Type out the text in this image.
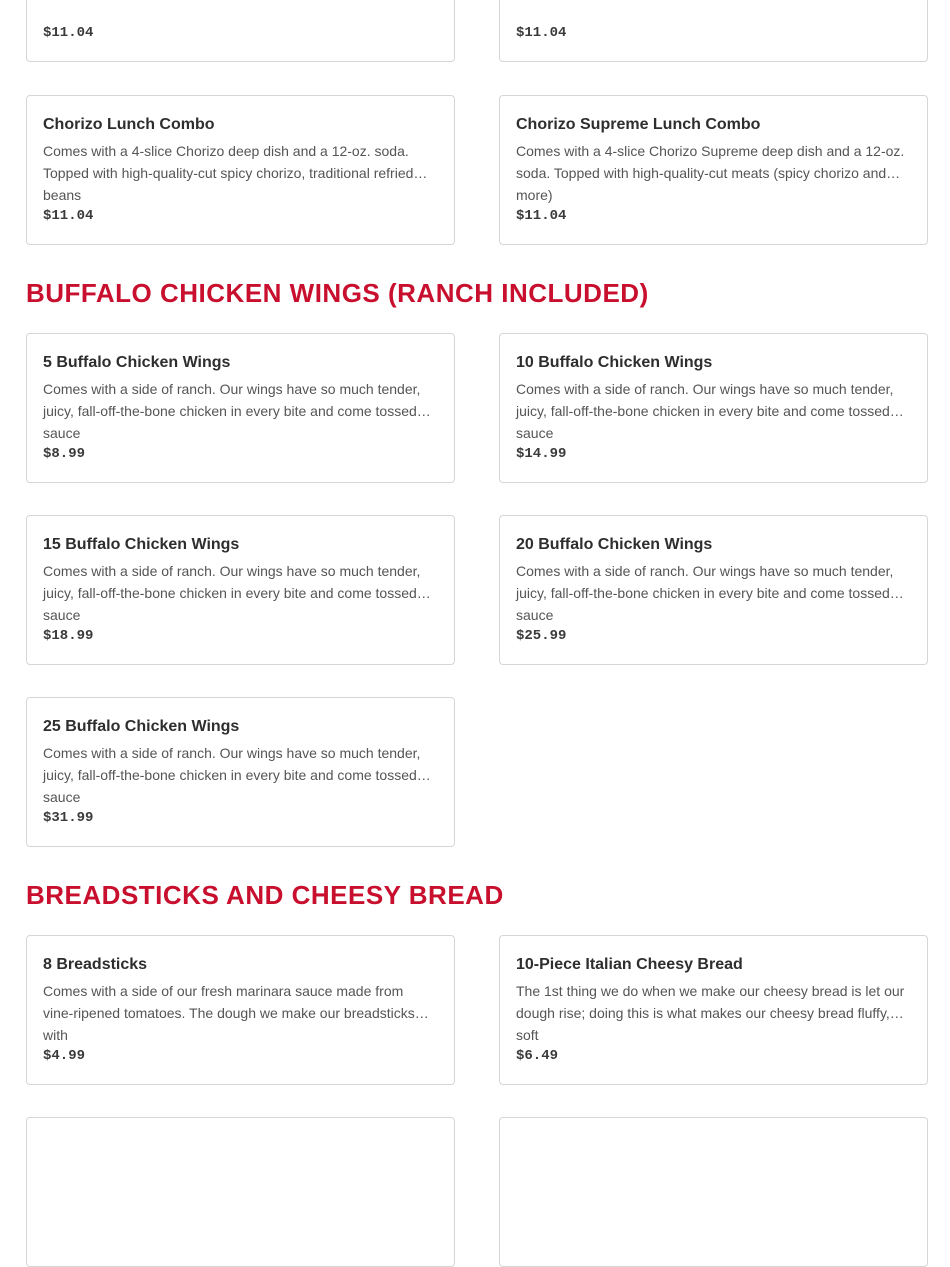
$11.04	$11.04
Chorizo Lunch Combo
Comes with a 4-slice Chorizo deep dish and a 12-oz. soda. Topped with high-quality-cut spicy chorizo, traditional refried beans
$11.04
Chorizo Supreme Lunch Combo
Comes with a 4-slice Chorizo Supreme deep dish and a 12-oz. soda. Topped with high-quality-cut meats (spicy chorizo and more)
$11.04
BUFFALO CHICKEN WINGS (RANCH INCLUDED)
5 Buffalo Chicken Wings
Comes with a side of ranch. Our wings have so much tender, juicy, fall-off-the-bone chicken in every bite and come tossed in sauce
$8.99
10 Buffalo Chicken Wings
Comes with a side of ranch. Our wings have so much tender, juicy, fall-off-the-bone chicken in every bite and come tossed in sauce
$14.99
15 Buffalo Chicken Wings
Comes with a side of ranch. Our wings have so much tender, juicy, fall-off-the-bone chicken in every bite and come tossed in sauce
$18.99
20 Buffalo Chicken Wings
Comes with a side of ranch. Our wings have so much tender, juicy, fall-off-the-bone chicken in every bite and come tossed in sauce
$25.99
25 Buffalo Chicken Wings
Comes with a side of ranch. Our wings have so much tender, juicy, fall-off-the-bone chicken in every bite and come tossed in sauce
$31.99
BREADSTICKS AND CHEESY BREAD
8 Breadsticks
Comes with a side of our fresh marinara sauce made from vine-ripened tomatoes. The dough we make our breadsticks with
$4.99
10-Piece Italian Cheesy Bread
The 1st thing we do when we make our cheesy bread is let our dough rise; doing this is what makes our cheesy bread fluffy, soft
$6.49
